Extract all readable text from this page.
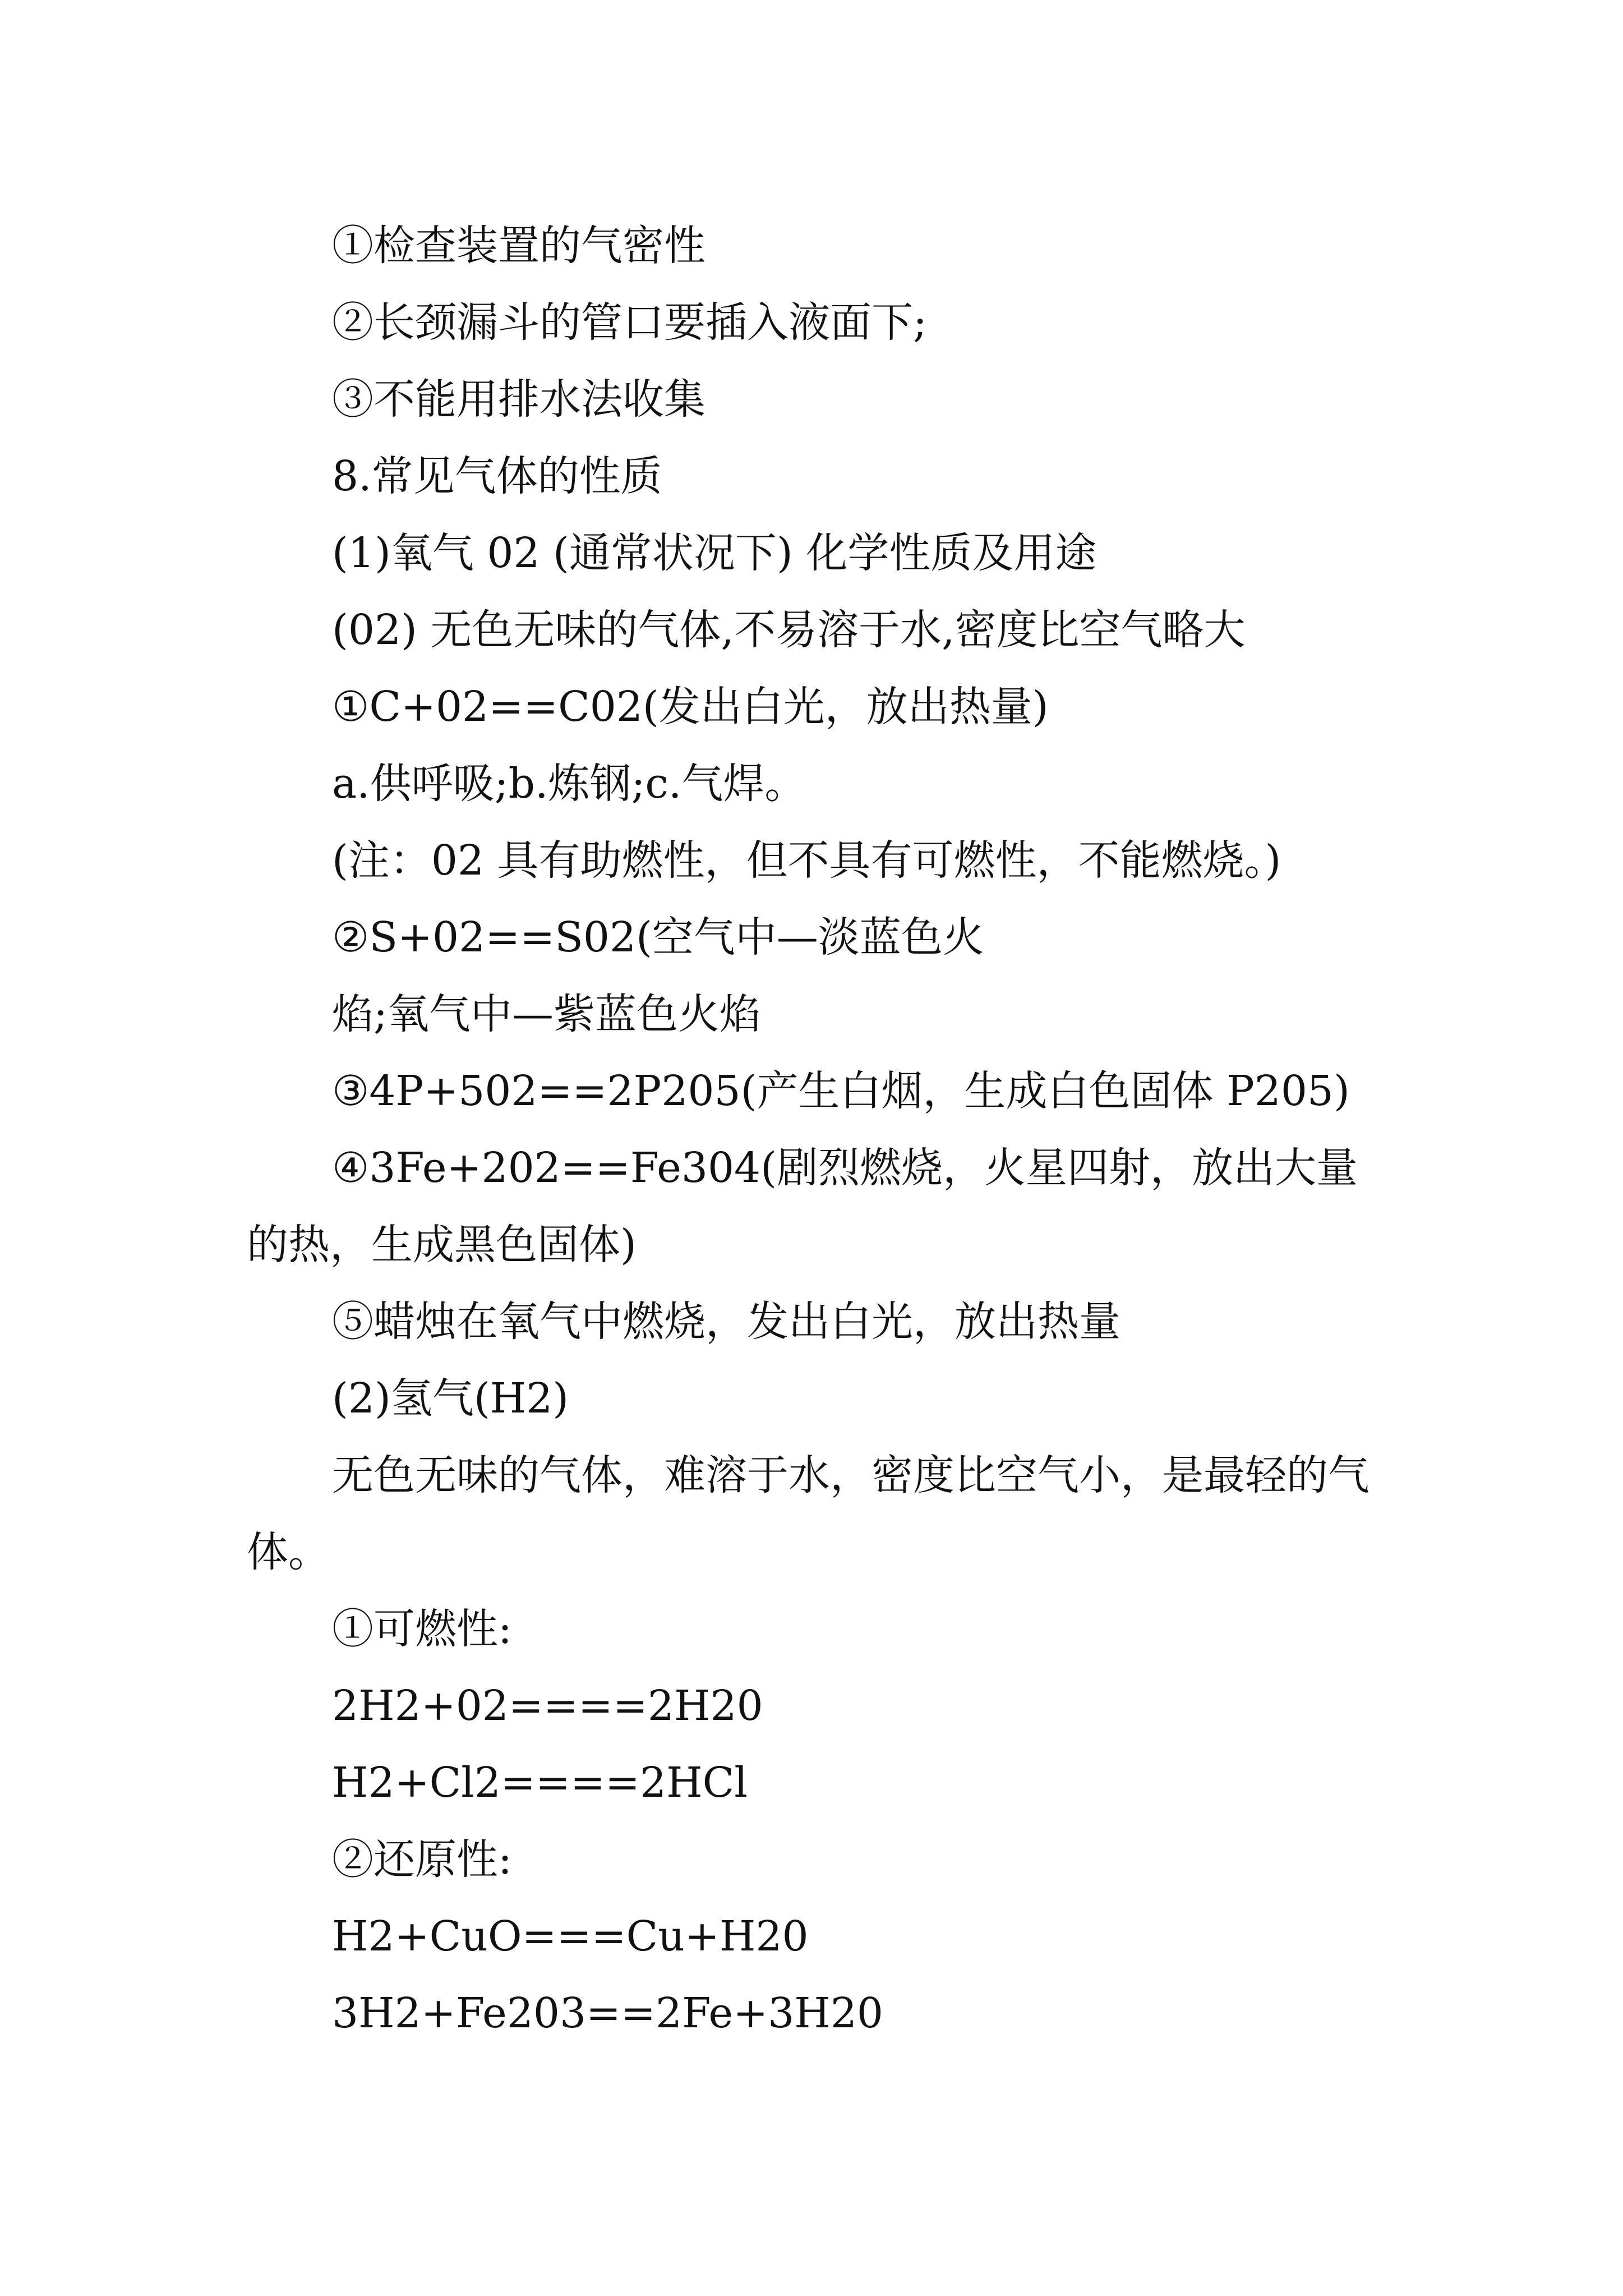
①检查装置的气密性
②长颈漏斗的管口要插入液面下;
③不能用排水法收集
8.常见气体的性质
(1)氧气 02 (通常状况下) 化学性质及用途
(02) 无色无味的气体,不易溶于水,密度比空气略大
①C+02==C02(发出白光，放出热量)
a.供呼吸;b.炼钢;c.气焊。
(注：02 具有助燃性，但不具有可燃性，不能燃烧。)
②S+02==S02(空气中—淡蓝色火
焰;氧气中—紫蓝色火焰
③4P+502==2P205(产生白烟，生成白色固体 P205)
④3Fe+202==Fe304(剧烈燃烧，火星四射，放出大量的热，生成黑色固体)
⑤蜡烛在氧气中燃烧，发出白光，放出热量
(2)氢气(H2)
无色无味的气体，难溶于水，密度比空气小，是最轻的气体。
①可燃性:
2H2+02====2H20
H2+Cl2====2HCl
②还原性:
H2+CuO===Cu+H20
3H2+Fe203==2Fe+3H20
